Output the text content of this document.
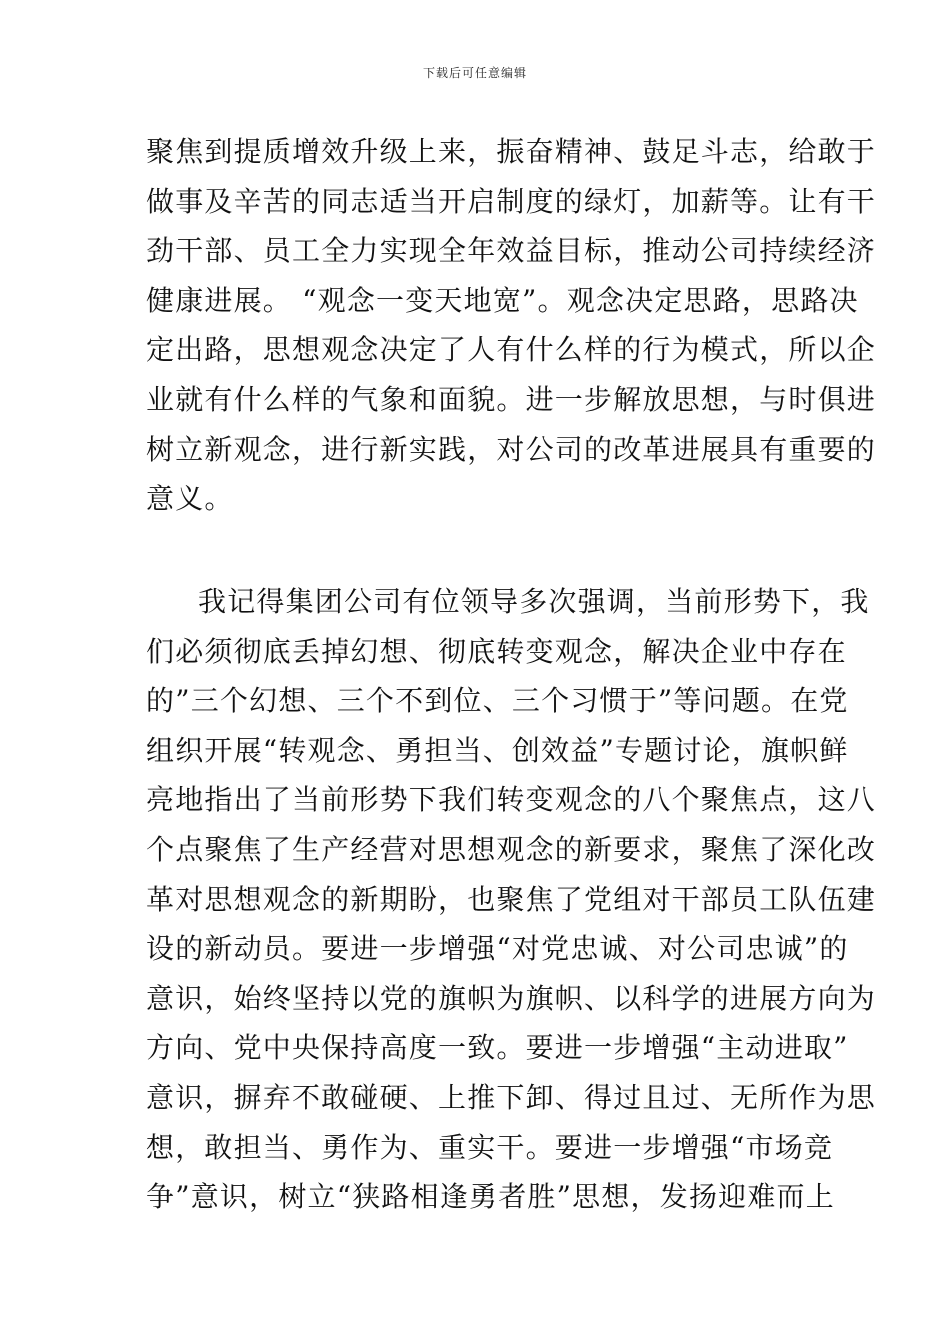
下载后可任意编辑
聚焦到提质增效升级上来，振奋精神、鼓足斗志，给敢于
做事及辛苦的同志适当开启制度的绿灯，加薪等。让有干
劲干部、员工全力实现全年效益目标，推动公司持续经济
健康进展。 “观念一变天地宽”。观念决定思路，思路决
定出路，思想观念决定了人有什么样的行为模式，所以企
业就有什么样的气象和面貌。进一步解放思想，与时俱进
树立新观念，进行新实践，对公司的改革进展具有重要的
意义。
我记得集团公司有位领导多次强调，当前形势下，我
们必须彻底丢掉幻想、彻底转变观念，解决企业中存在
的”三个幻想、三个不到位、三个习惯于”等问题。在党
组织开展“转观念、勇担当、创效益”专题讨论，旗帜鲜
亮地指出了当前形势下我们转变观念的八个聚焦点，这八
个点聚焦了生产经营对思想观念的新要求，聚焦了深化改
革对思想观念的新期盼，也聚焦了党组对干部员工队伍建
设的新动员。要进一步增强“对党忠诚、对公司忠诚”的
意识，始终坚持以党的旗帜为旗帜、以科学的进展方向为
方向、党中央保持高度一致。要进一步增强“主动进取”
意识，摒弃不敢碰硬、上推下卸、得过且过、无所作为思
想，敢担当、勇作为、重实干。要进一步增强“市场竞
争”意识，树立“狭路相逢勇者胜”思想，发扬迎难而上
